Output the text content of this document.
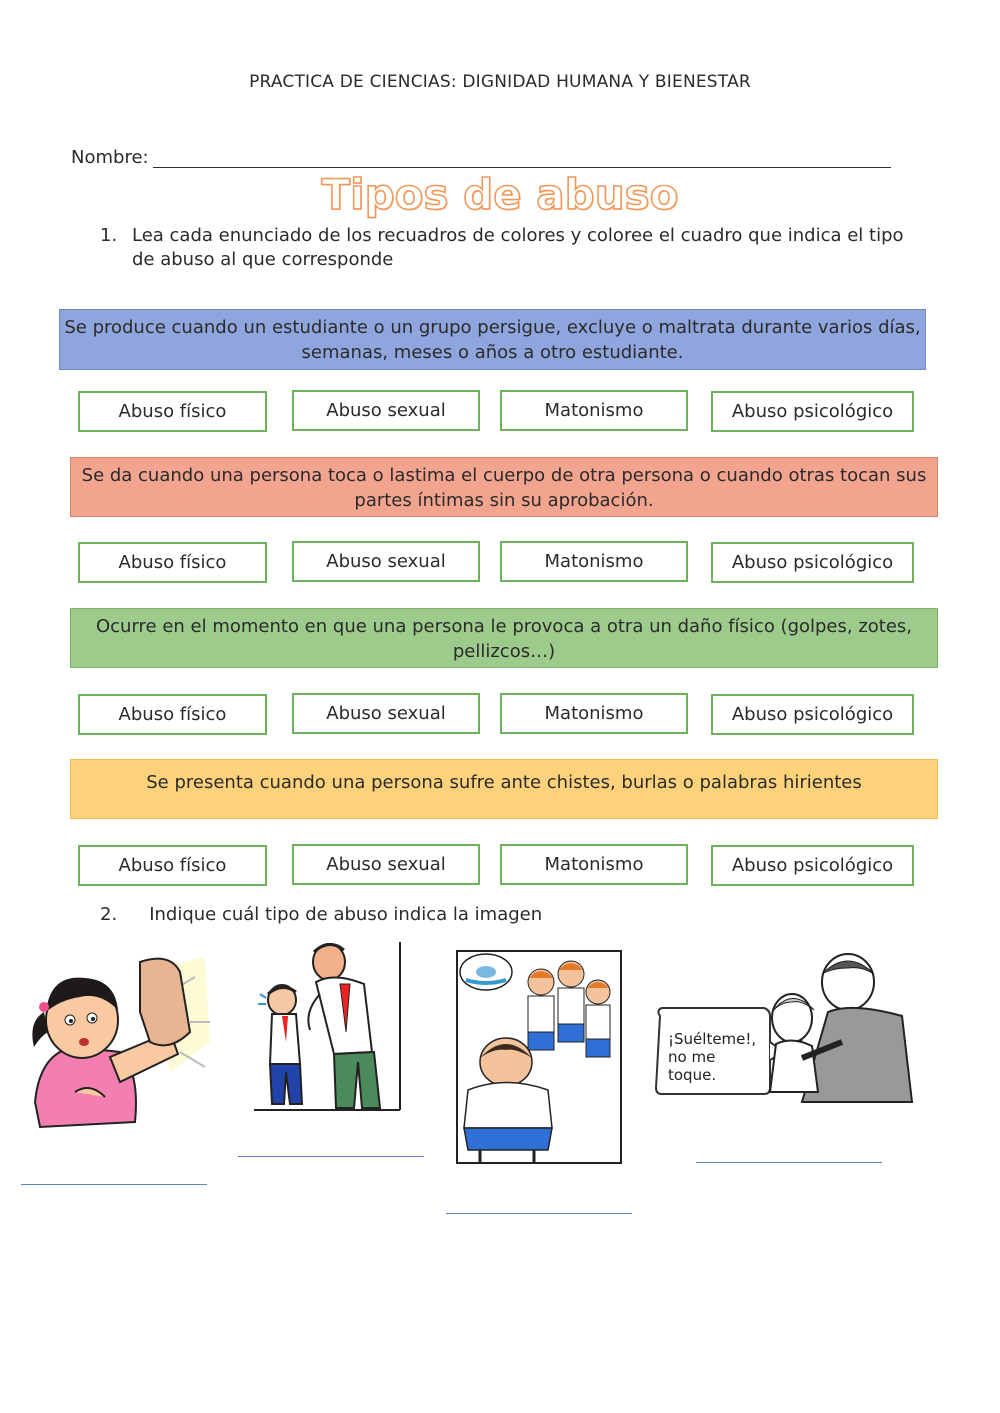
PRACTICA DE CIENCIAS: DIGNIDAD HUMANA Y BIENESTAR
Nombre:
Tipos de abuso
1. Lea cada enunciado de los recuadros de colores y coloree el cuadro que indica el tipo de abuso al que corresponde
Se produce cuando un estudiante o un grupo persigue, excluye o maltrata durante varios días, semanas, meses o años a otro estudiante.
Abuso físico	Abuso sexual	Matonismo	Abuso psicológico
Se da cuando una persona toca o lastima el cuerpo de otra persona o cuando otras tocan sus partes íntimas sin su aprobación.
Abuso físico	Abuso sexual	Matonismo	Abuso psicológico
Ocurre en el momento en que una persona le provoca a otra un daño físico (golpes, zotes, pellizcos…)
Abuso físico	Abuso sexual	Matonismo	Abuso psicológico
Se presenta cuando una persona sufre ante chistes, burlas o palabras hirientes
Abuso físico	Abuso sexual	Matonismo	Abuso psicológico
2. Indique cuál tipo de abuso indica la imagen
¡Suélteme!,
no me
toque.
